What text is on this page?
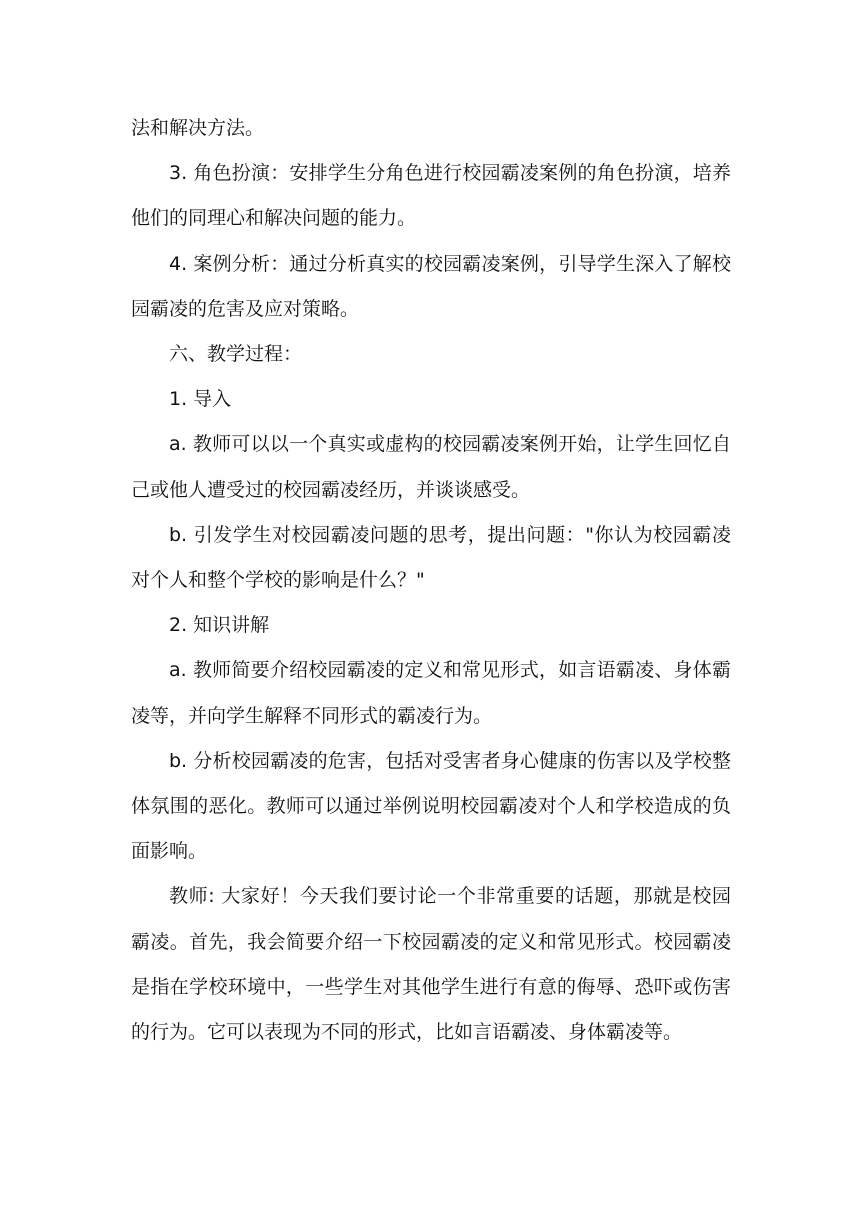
法和解决方法。

3. 角色扮演：安排学生分角色进行校园霸凌案例的角色扮演，培养他们的同理心和解决问题的能力。

4. 案例分析：通过分析真实的校园霸凌案例，引导学生深入了解校园霸凌的危害及应对策略。

六、教学过程：

1. 导入

a. 教师可以以一个真实或虚构的校园霸凌案例开始，让学生回忆自己或他人遭受过的校园霸凌经历，并谈谈感受。

b. 引发学生对校园霸凌问题的思考，提出问题："你认为校园霸凌对个人和整个学校的影响是什么？"

2. 知识讲解

a. 教师简要介绍校园霸凌的定义和常见形式，如言语霸凌、身体霸凌等，并向学生解释不同形式的霸凌行为。

b. 分析校园霸凌的危害，包括对受害者身心健康的伤害以及学校整体氛围的恶化。教师可以通过举例说明校园霸凌对个人和学校造成的负面影响。

教师: 大家好！今天我们要讨论一个非常重要的话题，那就是校园霸凌。首先，我会简要介绍一下校园霸凌的定义和常见形式。校园霸凌是指在学校环境中，一些学生对其他学生进行有意的侮辱、恐吓或伤害的行为。它可以表现为不同的形式，比如言语霸凌、身体霸凌等。
